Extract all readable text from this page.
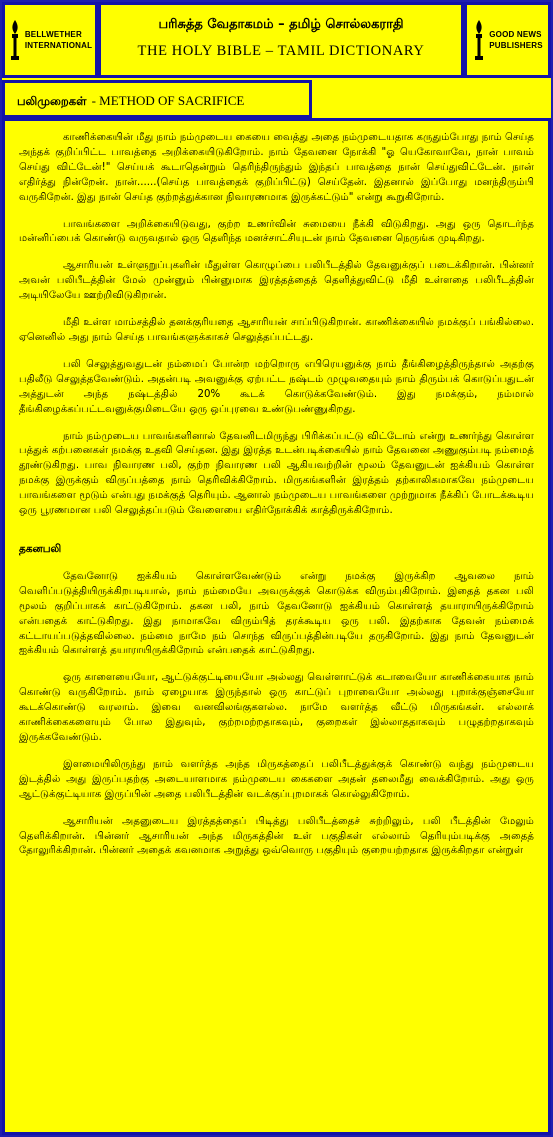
BELLWETHER
INTERNATIONAL
பரிசுத்த வேதாகமம் – தமிழ் சொல்லகராதி
THE HOLY BIBLE – TAMIL DICTIONARY
GOOD NEWS
PUBLISHERS
பலிமுறைகள் - METHOD OF SACRIFICE

காணிக்கையின் மீது நாம் நம்முடைய கையை வைத்து அதை நம்முடையதாக கருதும்போது நாம் செய்த அந்தக் குறிப்பிட்ட பாவத்தை அறிக்கையிடுகிறோம். நாம் தேவனை நோக்கி "ஓ யெகோவாவே, நான் பாவம் செய்து விட்டேன்!" செய்யக் கூடாதென்றும் தெரிந்திருந்தும் இந்தப் பாவத்தை நான் செய்துவிட்டேன். நான் எதிர்த்து நின்றேன். நான்......(செய்த பாவத்தைக் குறிப்பிட்டு) செய்தேன். இதனால் இப்போது மனந்திரும்பி வருகிறேன். இது நான் செய்த குற்றத்துக்கான நிவாரணமாக இருக்கட்டும்" என்று கூறுகிறோம்.

பாவங்களை அறிக்கையிடுவது, குற்ற உணர்வின் சுமையை நீக்கி விடுகிறது. அது ஒரு தொடர்ந்த மன்னிப்பைக் கொண்டு வருவதால் ஒரு தெளிந்த மனச்சாட்சியுடன் நாம் தேவனை நெருங்க முடிகிறது.

ஆசாரியன் உள்ளுறுப்புகளின் மீதுள்ள கொழுப்பை பலிபீடத்தில் தேவனுக்குப் படைக்கிறான். பின்னர் அவன் பலிபீடத்தின் மேல் முன்னும் பின்னுமாக இரத்தத்தைத் தெளித்துவிட்டு மீதி உள்ளதை பலிபீடத்தின் அடியிலேயே ஊற்றிவிடுகிறான்.

மீதி உள்ள மாம்சத்தில் தனக்குரியதை ஆசாரியன் சாப்பிடுகிறான். காணிக்கையில் நமக்குப் பங்கில்லை. ஏனெனில் அது நாம் செய்த பாவங்களுக்காகச் செலுத்தப்பட்டது.

பலி செலுத்துவதுடன் நம்மைப் போன்ற மற்றொரு எபிரெயனுக்கு நாம் தீங்கிழைத்திருந்தால் அதற்கு பதிலீடு செலுத்தவேண்டும். அதன்படி அவனுக்கு ஏற்பட்ட நஷ்டம் முழுவதையும் நாம் திரும்பக் கொடுப்பதுடன் அத்துடன் அந்த நஷ்டத்தில் 20% கூடக் கொடுக்கவேண்டும். இது நமக்கும், நம்மால் தீங்கிழைக்கப்பட்டவனுக்குமிடையே ஒரு ஒப்புரவை உண்டுபண்ணுகிறது.

நாம் நம்முடைய பாவங்களினால் தேவனிடமிருந்து பிரிக்கப்பட்டு விட்டோம் என்று உணர்ந்து கொள்ள பத்துக் கற்பனைகள் நமக்கு உதவி செய்தன. இது இரத்த உடன்படிக்கையில் நாம் தேவனை அணுகும்படி நம்மைத் தூண்டுகிறது. பாவ நிவாரண பலி, குற்ற நிவாரண பலி ஆகியவற்றின் மூலம் தேவனுடன் ஐக்கியம் கொள்ள நமக்கு இருக்கும் விருப்பத்தை நாம் தெரிவிக்கிறோம். மிருகங்களின் இரத்தம் தற்காலிகமாகவே நம்முடைய பாவங்களை மூடும் என்பது நமக்குத் தெரியும். ஆனால் நம்முடைய பாவங்களை முற்றுமாக நீக்கிப் போடக்கூடிய ஒரு பூரணமான பலி செலுத்தப்படும் வேளையை எதிர்நோக்கிக் காத்திருக்கிறோம்.

தகனபலி

தேவனோடு ஐக்கியம் கொள்ளவேண்டும் என்று நமக்கு இருக்கிற ஆவலை நாம் வெளிப்படுத்தியிருக்கிறபடியால், நாம் நம்மையே அவருக்குக் கொடுக்க விரும்புகிறோம். இதைத் தகன பலி மூலம் குறிப்பாகக் காட்டுகிறோம். தகன பலி, நாம் தேவனோடு ஐக்கியம் கொள்ளத் தயாராயிருக்கிறோம் என்பதைக் காட்டுகிறது. இது நாமாகவே விரும்பித் தரக்கூடிய ஒரு பலி. இதற்காக தேவன் நம்மைக் கட்டாயப்படுத்தவில்லை. நம்மை நாமே நம் சொந்த விருப்பத்தின்படியே தருகிறோம். இது நாம் தேவனுடன் ஐக்கியம் கொள்ளத் தயாராயிருக்கிறோம் என்பதைக் காட்டுகிறது.

ஒரு காளையையோ, ஆட்டுக்குட்டியையோ அல்லது வெள்ளாட்டுக் கடாவையோ காணிக்கையாக நாம் கொண்டு வருகிறோம். நாம் ஏழையாக இருந்தால் ஒரு காட்டுப் புறாவையோ அல்லது புறாக்குஞ்சையோ கூடக்கொண்டு வரலாம். இவை வனவிலங்குகளல்ல. நாமே வளர்த்த வீட்டு மிருகங்கள். எல்லாக் காணிக்கைகளையும் போல இதுவும், குற்றமற்றதாகவும், குறைகள் இல்லாததாகவும் பழுதற்றதாகவும் இருக்கவேண்டும்.

இளமையிலிருந்து நாம் வளர்த்த அந்த மிருகத்தைப் பலிபீடத்துக்குக் கொண்டு வந்து நம்முடைய இடத்தில் அது இருப்பதற்கு அடையாளமாக நம்முடைய கைகளை அதன் தலைமீது வைக்கிறோம். அது ஒரு ஆட்டுக்குட்டியாக இருப்பின் அதை பலிபீடத்தின் வடக்குப்புறமாகக் கொல்லுகிறோம்.

ஆசாரியன் அதனுடைய இரத்தத்தைப் பிடித்து பலிபீடத்தைச் சுற்றிலும், பலி பீடத்தின் மேலும் தெளிக்கிறான். பின்னர் ஆசாரியன் அந்த மிருகத்தின் உள் பகுதிகள் எல்லாம் தெரியும்படிக்கு அதைத் தோலுரிக்கிறான். பின்னர் அதைக் கவனமாக அறுத்து ஒவ்வொரு பகுதியும் குறையற்றதாக இருக்கிறதா என்றுள்
